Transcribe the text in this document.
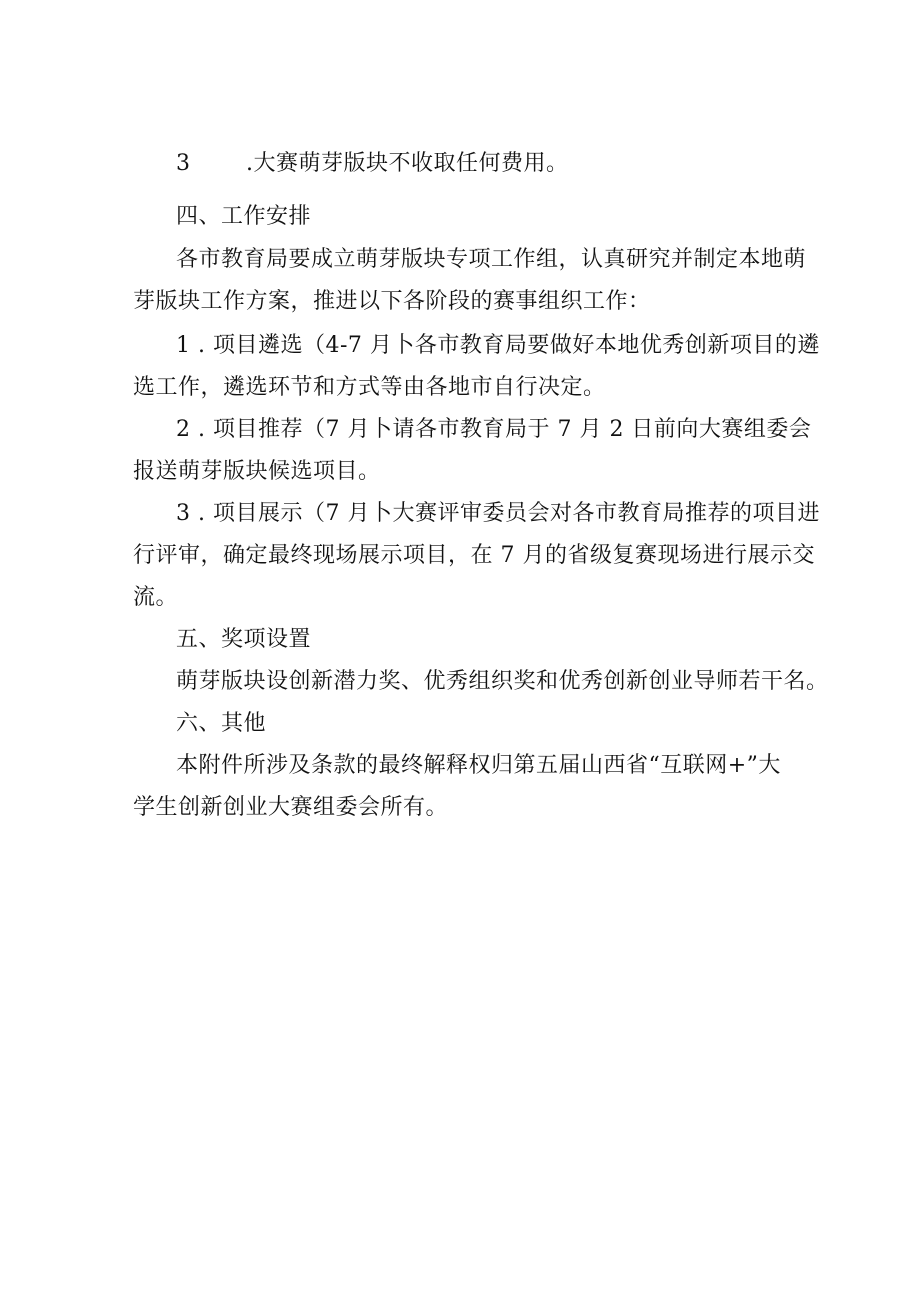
3	.大赛萌芽版块不收取任何费用。
四、工作安排
各市教育局要成立萌芽版块专项工作组，认真研究并制定本地萌
芽版块工作方案，推进以下各阶段的赛事组织工作：
1 . 项目遴选（4-7 月卜各市教育局要做好本地优秀创新项目的遴
选工作，遴选环节和方式等由各地市自行决定。
2 . 项目推荐（7 月卜请各市教育局于 7 月 2 日前向大赛组委会
报送萌芽版块候选项目。
3 . 项目展示（7 月卜大赛评审委员会对各市教育局推荐的项目进
行评审，确定最终现场展示项目，在 7 月的省级复赛现场进行展示交
流。
五、奖项设置
萌芽版块设创新潜力奖、优秀组织奖和优秀创新创业导师若干名。
六、其他
本附件所涉及条款的最终解释权归第五届山西省“互联网+”大
学生创新创业大赛组委会所有。
